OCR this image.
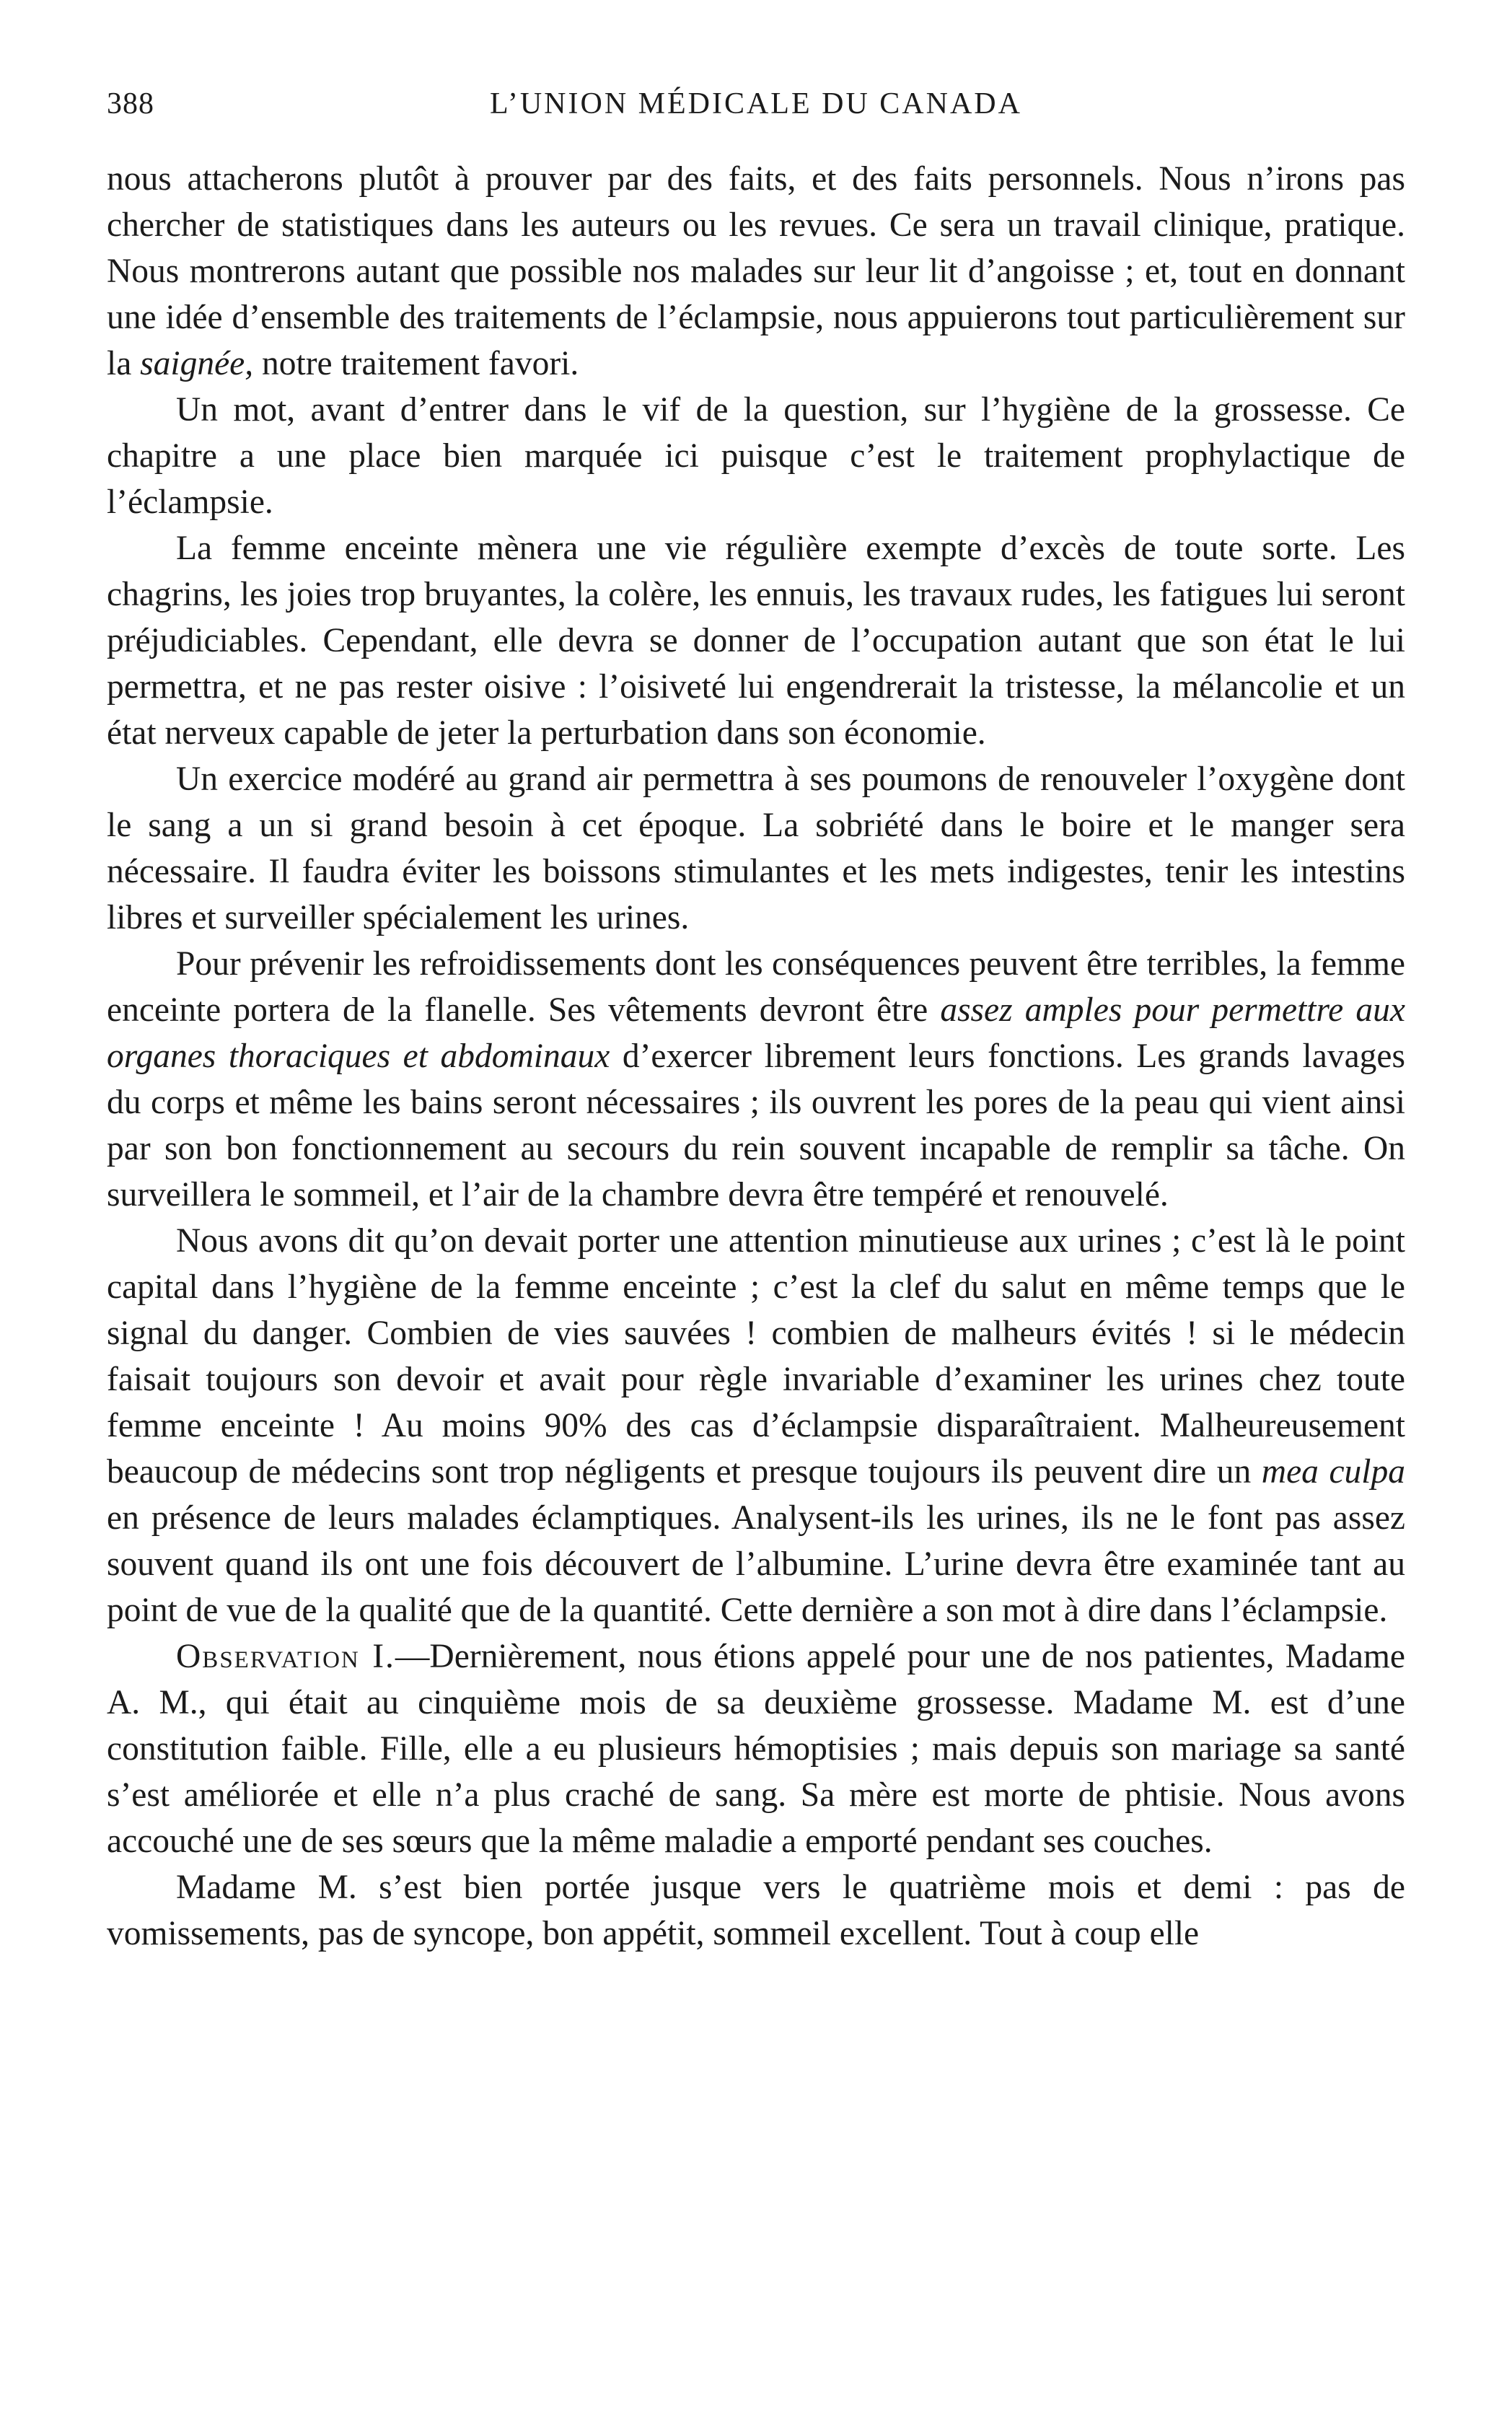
388	L’UNION MÉDICALE DU CANADA

nous attacherons plutôt à prouver par des faits, et des faits personnels. Nous n’irons pas chercher de statistiques dans les auteurs ou les revues. Ce sera un travail clinique, pratique. Nous montrerons autant que possible nos malades sur leur lit d’angoisse ; et, tout en donnant une idée d’ensemble des traitements de l’éclampsie, nous appuierons tout particulièrement sur la saignée, notre traitement favori.

Un mot, avant d’entrer dans le vif de la question, sur l’hygiène de la grossesse. Ce chapitre a une place bien marquée ici puisque c’est le traitement prophylactique de l’éclampsie.

La femme enceinte mènera une vie régulière exempte d’excès de toute sorte. Les chagrins, les joies trop bruyantes, la colère, les ennuis, les travaux rudes, les fatigues lui seront préjudiciables. Cependant, elle devra se donner de l’occupation autant que son état le lui permettra, et ne pas rester oisive : l’oisiveté lui engendrerait la tristesse, la mélancolie et un état nerveux capable de jeter la perturbation dans son économie.

Un exercice modéré au grand air permettra à ses poumons de renouveler l’oxygène dont le sang a un si grand besoin à cet époque. La sobriété dans le boire et le manger sera nécessaire. Il faudra éviter les boissons stimulantes et les mets indigestes, tenir les intestins libres et surveiller spécialement les urines.

Pour prévenir les refroidissements dont les conséquences peuvent être terribles, la femme enceinte portera de la flanelle. Ses vêtements devront être assez amples pour permettre aux organes thoraciques et abdominaux d’exercer librement leurs fonctions. Les grands lavages du corps et même les bains seront nécessaires ; ils ouvrent les pores de la peau qui vient ainsi par son bon fonctionnement au secours du rein souvent incapable de remplir sa tâche. On surveillera le sommeil, et l’air de la chambre devra être tempéré et renouvelé.

Nous avons dit qu’on devait porter une attention minutieuse aux urines ; c’est là le point capital dans l’hygiène de la femme enceinte ; c’est la clef du salut en même temps que le signal du danger. Combien de vies sauvées ! combien de malheurs évités ! si le médecin faisait toujours son devoir et avait pour règle invariable d’examiner les urines chez toute femme enceinte ! Au moins 90% des cas d’éclampsie disparaîtraient. Malheureusement beaucoup de médecins sont trop négligents et presque toujours ils peuvent dire un mea culpa en présence de leurs malades éclamptiques. Analysent-ils les urines, ils ne le font pas assez souvent quand ils ont une fois découvert de l’albumine. L’urine devra être examinée tant au point de vue de la qualité que de la quantité. Cette dernière a son mot à dire dans l’éclampsie.

Observation I.—Dernièrement, nous étions appelé pour une de nos patientes, Madame A. M., qui était au cinquième mois de sa deuxième grossesse. Madame M. est d’une constitution faible. Fille, elle a eu plusieurs hémoptisies ; mais depuis son mariage sa santé s’est améliorée et elle n’a plus craché de sang. Sa mère est morte de phtisie. Nous avons accouché une de ses sœurs que la même maladie a emporté pendant ses couches.

Madame M. s’est bien portée jusque vers le quatrième mois et demi : pas de vomissements, pas de syncope, bon appétit, sommeil excellent. Tout à coup elle
